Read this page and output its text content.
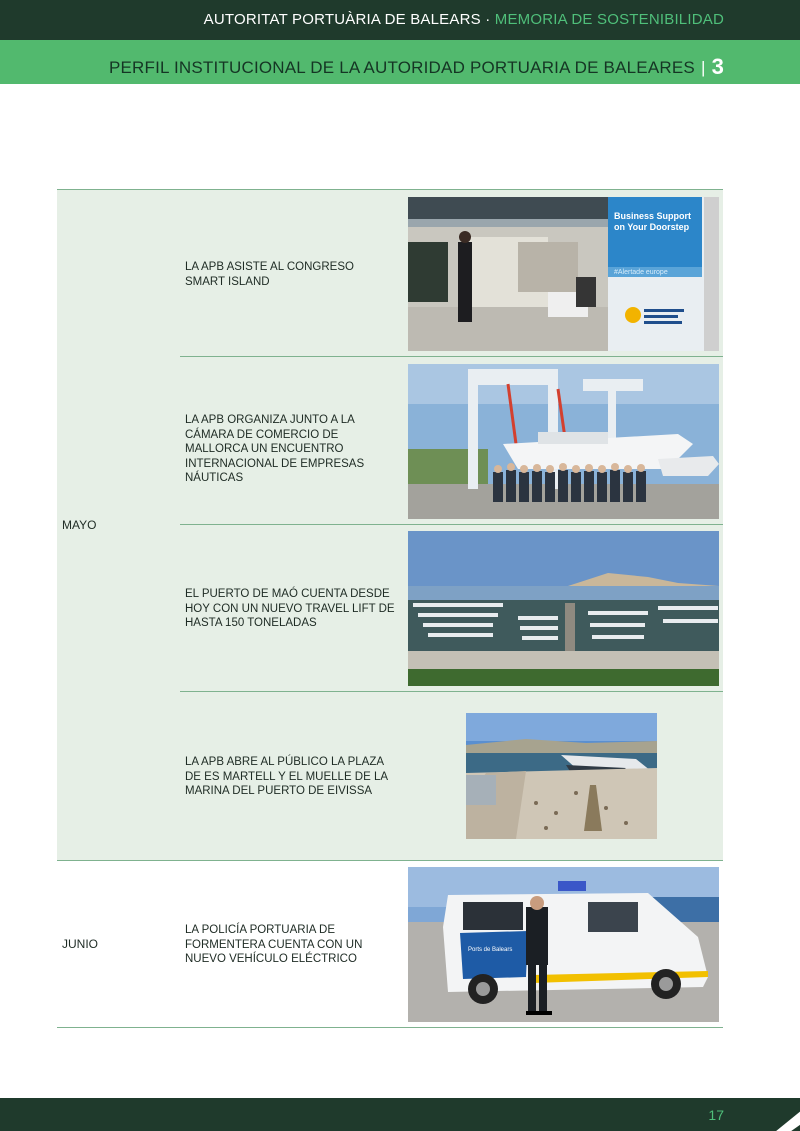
AUTORITAT PORTUÀRIA DE BALEARS · MEMORIA DE SOSTENIBILIDAD
PERFIL INSTITUCIONAL DE LA AUTORIDAD PORTUARIA DE BALEARES | 3
MAYO
LA APB ASISTE AL CONGRESO SMART ISLAND
Business Support
on Your Doorstep
#Alertade europe
LA APB ORGANIZA JUNTO A LA CÁMARA DE COMERCIO DE MALLORCA UN ENCUENTRO INTERNACIONAL DE EMPRESAS NÁUTICAS
EL PUERTO DE MAÓ CUENTA DESDE HOY CON UN NUEVO TRAVEL LIFT DE HASTA 150 TONELADAS
LA APB ABRE AL PÚBLICO LA PLAZA DE ES MARTELL Y EL MUELLE DE LA MARINA DEL PUERTO DE EIVISSA
JUNIO
LA POLICÍA PORTUARIA DE FORMENTERA CUENTA CON UN NUEVO VEHÍCULO ELÉCTRICO
Ports de Balears
17
